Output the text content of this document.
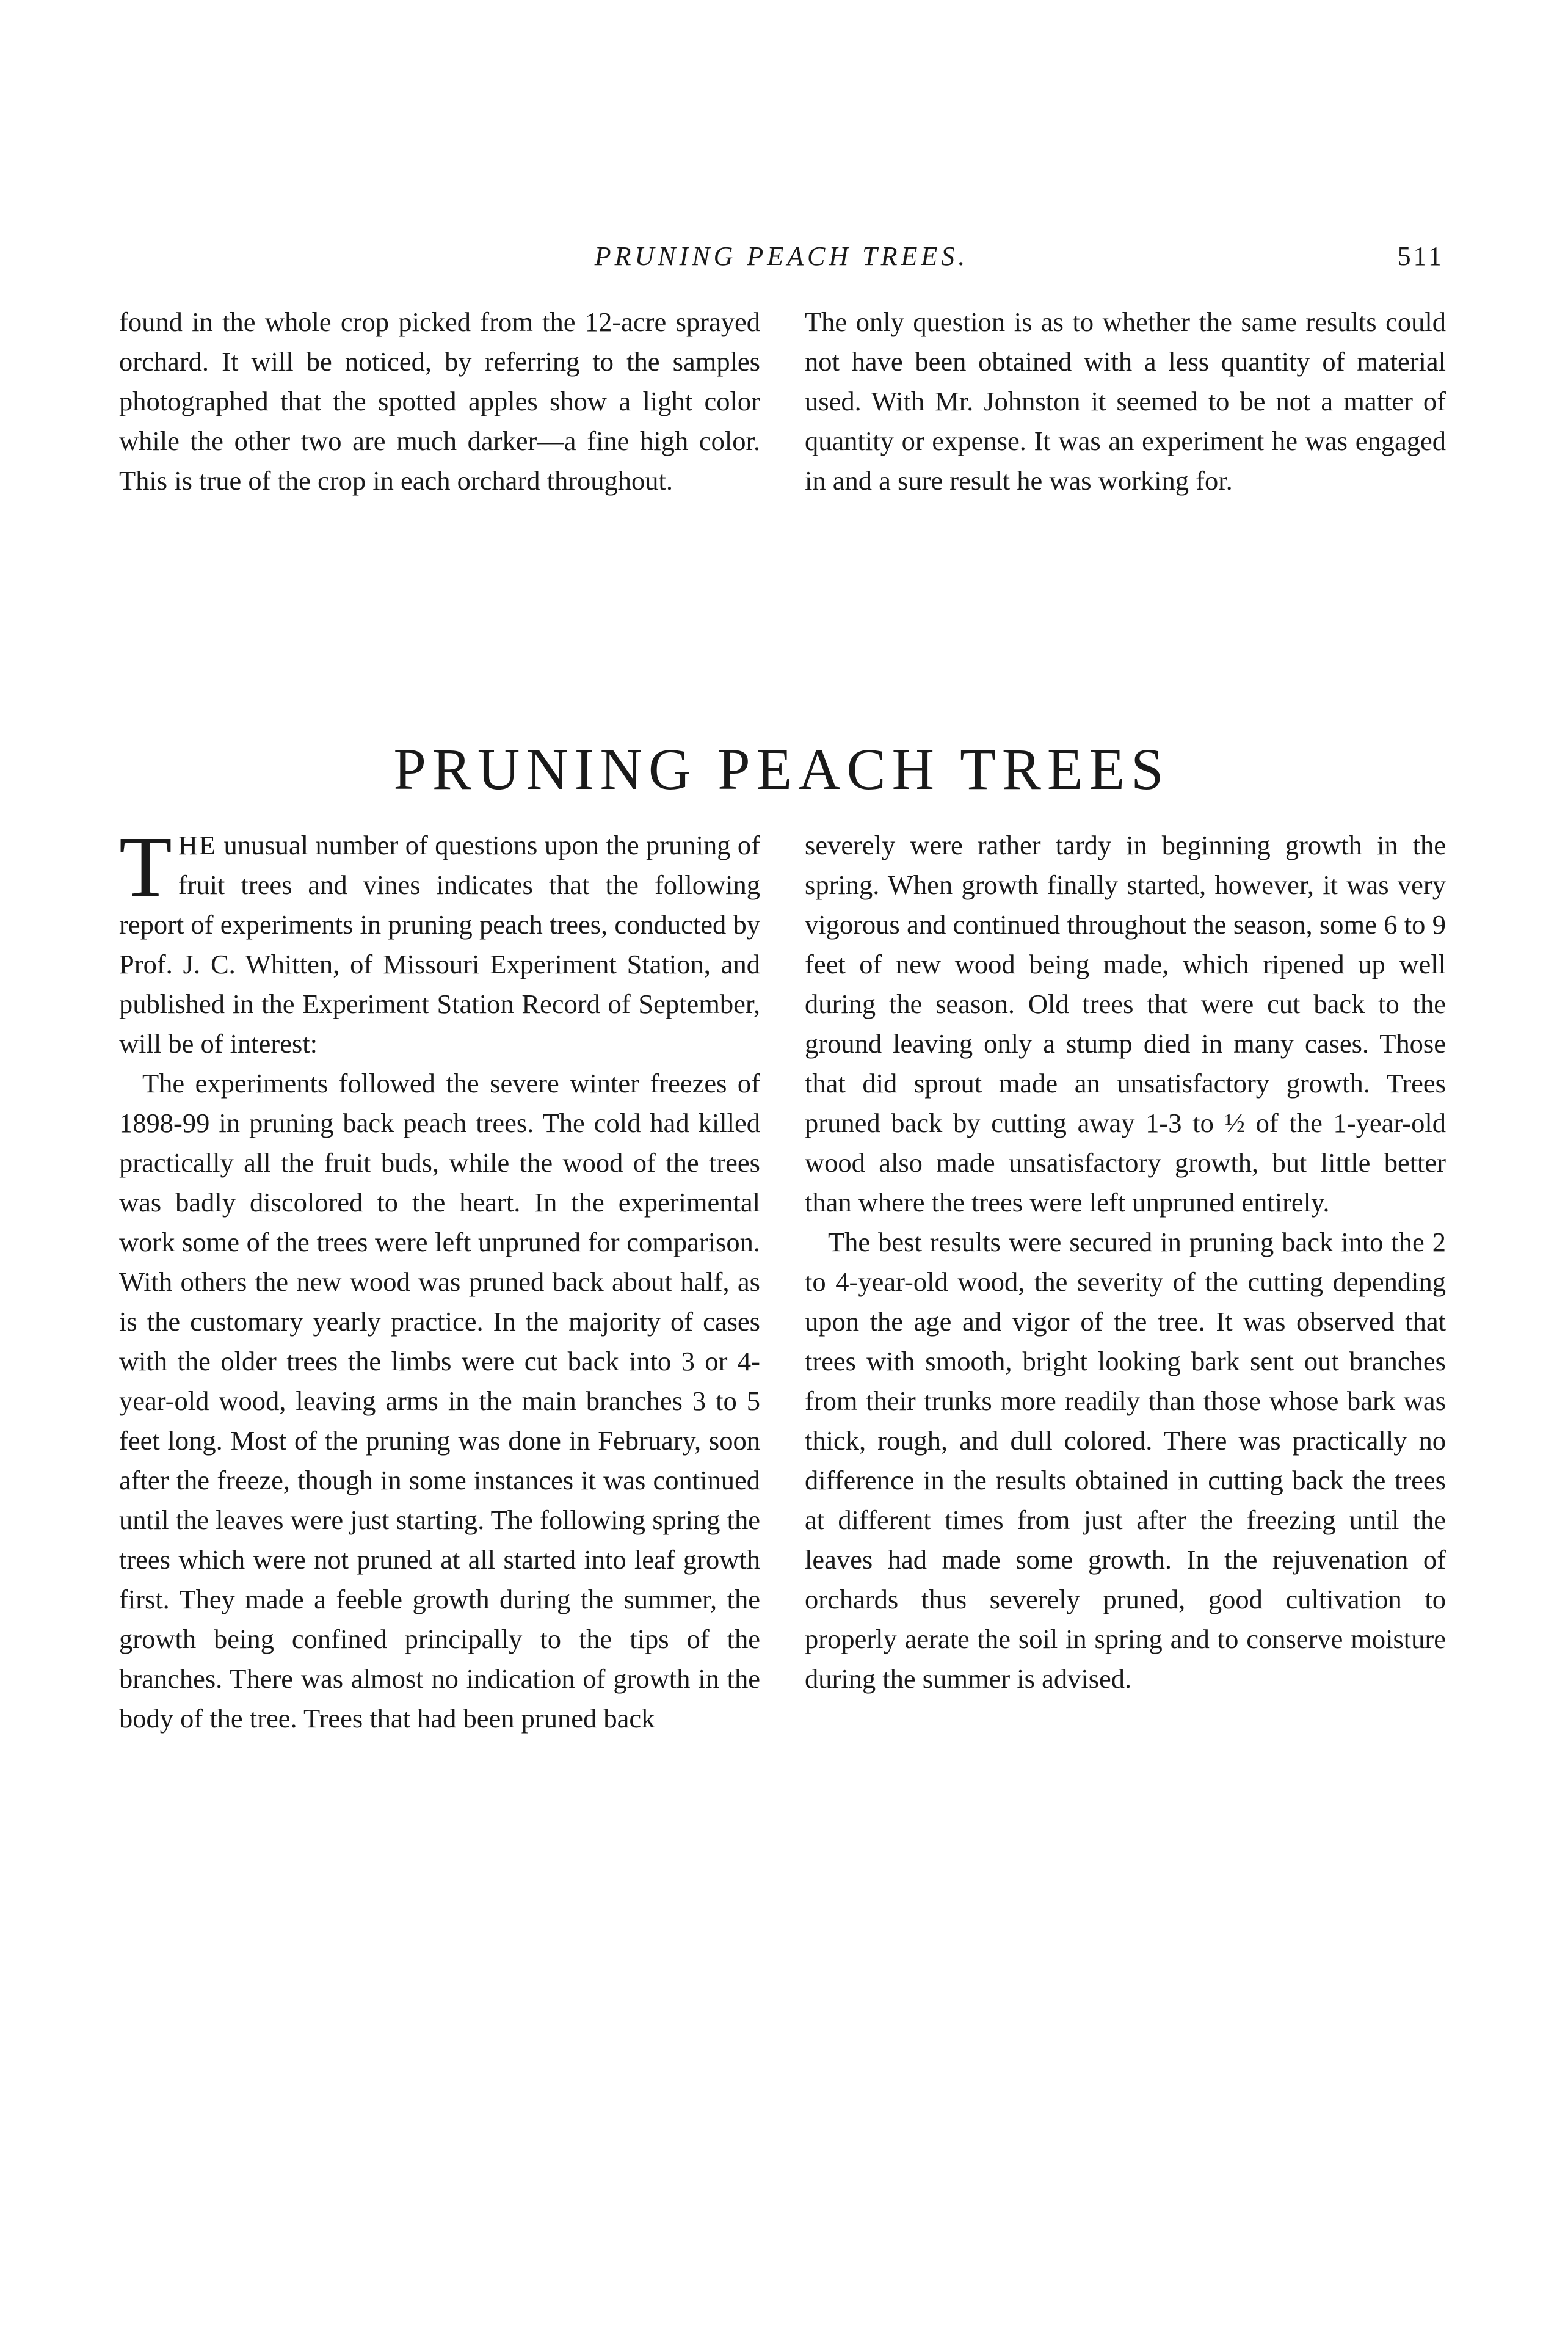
PRUNING PEACH TREES.	511

found in the whole crop picked from the 12-acre sprayed orchard. It will be noticed, by referring to the samples photographed that the spotted apples show a light color while the other two are much darker—a fine high color. This is true of the crop in each orchard throughout.

The only question is as to whether the same results could not have been obtained with a less quantity of material used. With Mr. Johnston it seemed to be not a matter of quantity or expense. It was an experiment he was engaged in and a sure result he was working for.

PRUNING PEACH TREES

THE unusual number of questions upon the pruning of fruit trees and vines indicates that the following report of experiments in pruning peach trees, conducted by Prof. J. C. Whitten, of Missouri Experiment Station, and published in the Experiment Station Record of September, will be of interest:

The experiments followed the severe winter freezes of 1898-99 in pruning back peach trees. The cold had killed practically all the fruit buds, while the wood of the trees was badly discolored to the heart. In the experimental work some of the trees were left unpruned for comparison. With others the new wood was pruned back about half, as is the customary yearly practice. In the majority of cases with the older trees the limbs were cut back into 3 or 4-year-old wood, leaving arms in the main branches 3 to 5 feet long. Most of the pruning was done in February, soon after the freeze, though in some instances it was continued until the leaves were just starting. The following spring the trees which were not pruned at all started into leaf growth first. They made a feeble growth during the summer, the growth being confined principally to the tips of the branches. There was almost no indication of growth in the body of the tree. Trees that had been pruned back

severely were rather tardy in beginning growth in the spring. When growth finally started, however, it was very vigorous and continued throughout the season, some 6 to 9 feet of new wood being made, which ripened up well during the season. Old trees that were cut back to the ground leaving only a stump died in many cases. Those that did sprout made an unsatisfactory growth. Trees pruned back by cutting away 1-3 to ½ of the 1-year-old wood also made unsatisfactory growth, but little better than where the trees were left unpruned entirely.

The best results were secured in pruning back into the 2 to 4-year-old wood, the severity of the cutting depending upon the age and vigor of the tree. It was observed that trees with smooth, bright looking bark sent out branches from their trunks more readily than those whose bark was thick, rough, and dull colored. There was practically no difference in the results obtained in cutting back the trees at different times from just after the freezing until the leaves had made some growth. In the rejuvenation of orchards thus severely pruned, good cultivation to properly aerate the soil in spring and to conserve moisture during the summer is advised.
